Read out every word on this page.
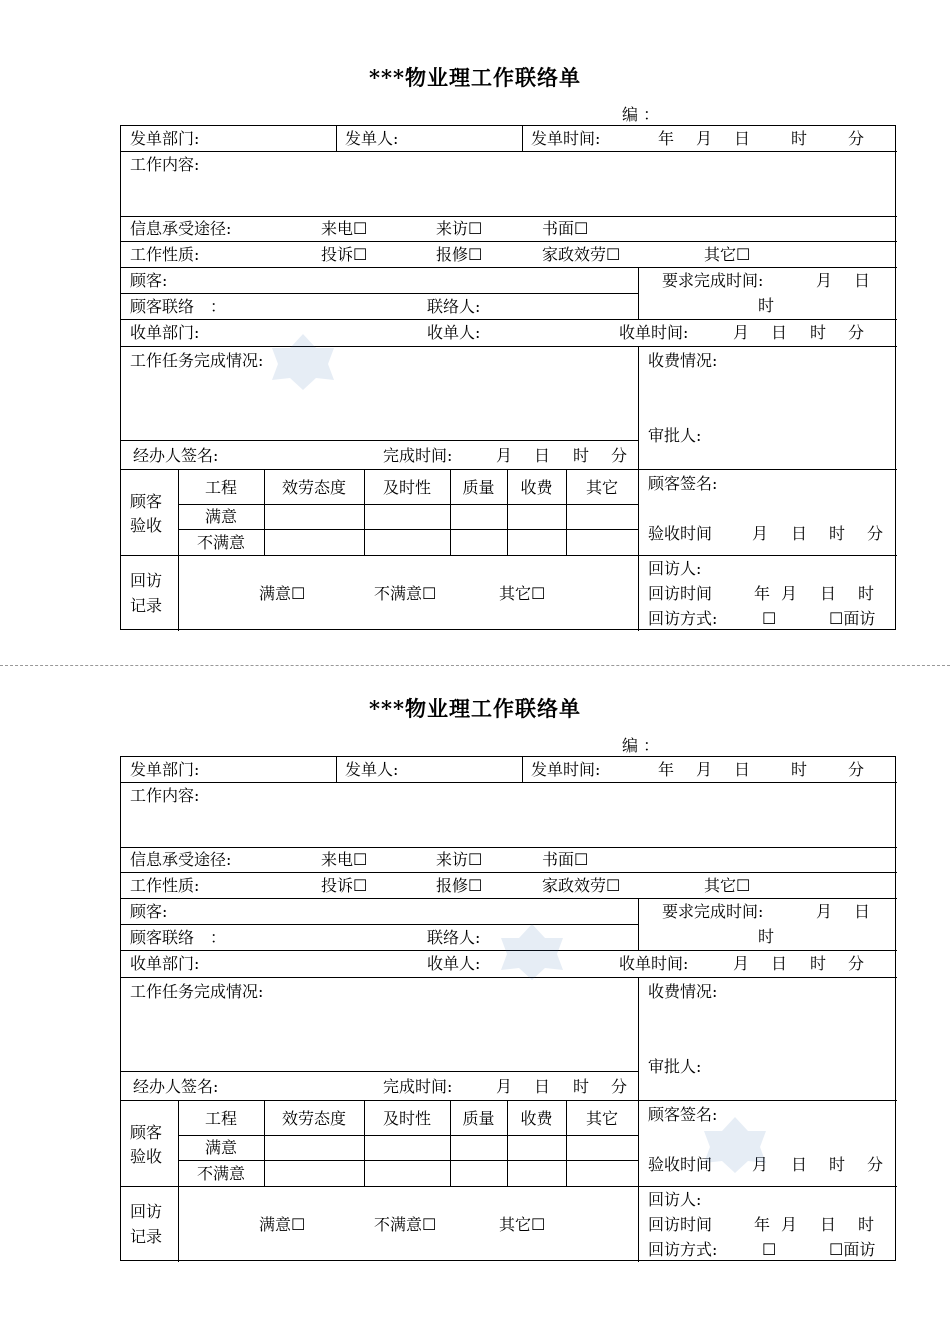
***物业理工作联络单
编 ：
发单部门:	发单人:	发单时间:	年 月 日	时	分
工作内容:
信息承受途径:	来电☐	来访☐	书面☐
工作性质:	投诉☐	报修☐	家政效劳☐	其它☐
顾客:
顾客联络　：	联络人:
要求完成时间:	月 日
时
收单部门:	收单人:	收单时间:	月 日 时 分
工作任务完成情况:	收费情况:
审批人:
经办人签名:	完成时间:	月 日 时 分
顾客
验收
工程	效劳态度	及时性	质量	收费	其它
满意
不满意
顾客签名:
验收时间 月 日 时 分
回访
记录
满意☐	不满意☐	其它☐
回访人:
回访时间	年 月 日 时
回访方式:	☐	☐面访
***物业理工作联络单
编 ：
发单部门:	发单人:	发单时间:	年 月 日	时	分
工作内容:
信息承受途径:	来电☐	来访☐	书面☐
工作性质:	投诉☐	报修☐	家政效劳☐	其它☐
顾客:
顾客联络　：	联络人:
要求完成时间:	月 日
时
收单部门:	收单人:	收单时间:	月 日 时 分
工作任务完成情况:	收费情况:
审批人:
经办人签名:	完成时间:	月 日 时 分
顾客
验收
工程	效劳态度	及时性	质量	收费	其它
满意
不满意
顾客签名:
验收时间 月 日 时 分
回访
记录
满意☐	不满意☐	其它☐
回访人:
回访时间	年 月 日 时
回访方式:	☐	☐面访
